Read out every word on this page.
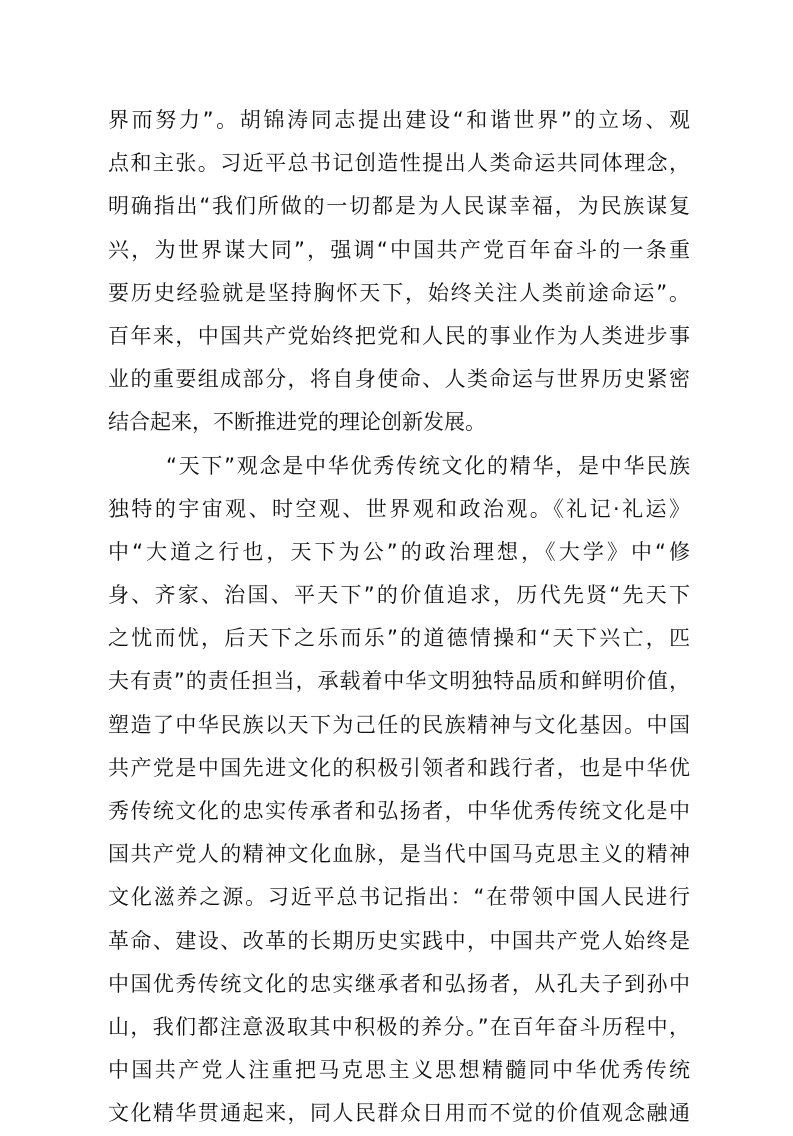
界而努力”。胡锦涛同志提出建设“和谐世界”的立场、观
点和主张。习近平总书记创造性提出人类命运共同体理念，
明确指出“我们所做的一切都是为人民谋幸福，为民族谋复
兴，为世界谋大同”，强调“中国共产党百年奋斗的一条重
要历史经验就是坚持胸怀天下，始终关注人类前途命运”。
百年来，中国共产党始终把党和人民的事业作为人类进步事
业的重要组成部分，将自身使命、人类命运与世界历史紧密
结合起来，不断推进党的理论创新发展。
“天下”观念是中华优秀传统文化的精华，是中华民族
独特的宇宙观、时空观、世界观和政治观。《礼记·礼运》
中“大道之行也，天下为公”的政治理想，《大学》中“修
身、齐家、治国、平天下”的价值追求，历代先贤“先天下
之忧而忧，后天下之乐而乐”的道德情操和“天下兴亡，匹
夫有责”的责任担当，承载着中华文明独特品质和鲜明价值，
塑造了中华民族以天下为己任的民族精神与文化基因。中国
共产党是中国先进文化的积极引领者和践行者，也是中华优
秀传统文化的忠实传承者和弘扬者，中华优秀传统文化是中
国共产党人的精神文化血脉，是当代中国马克思主义的精神
文化滋养之源。习近平总书记指出：“在带领中国人民进行
革命、建设、改革的长期历史实践中，中国共产党人始终是
中国优秀传统文化的忠实继承者和弘扬者，从孔夫子到孙中
山，我们都注意汲取其中积极的养分。”在百年奋斗历程中，
中国共产党人注重把马克思主义思想精髓同中华优秀传统
文化精华贯通起来，同人民群众日用而不觉的价值观念融通
